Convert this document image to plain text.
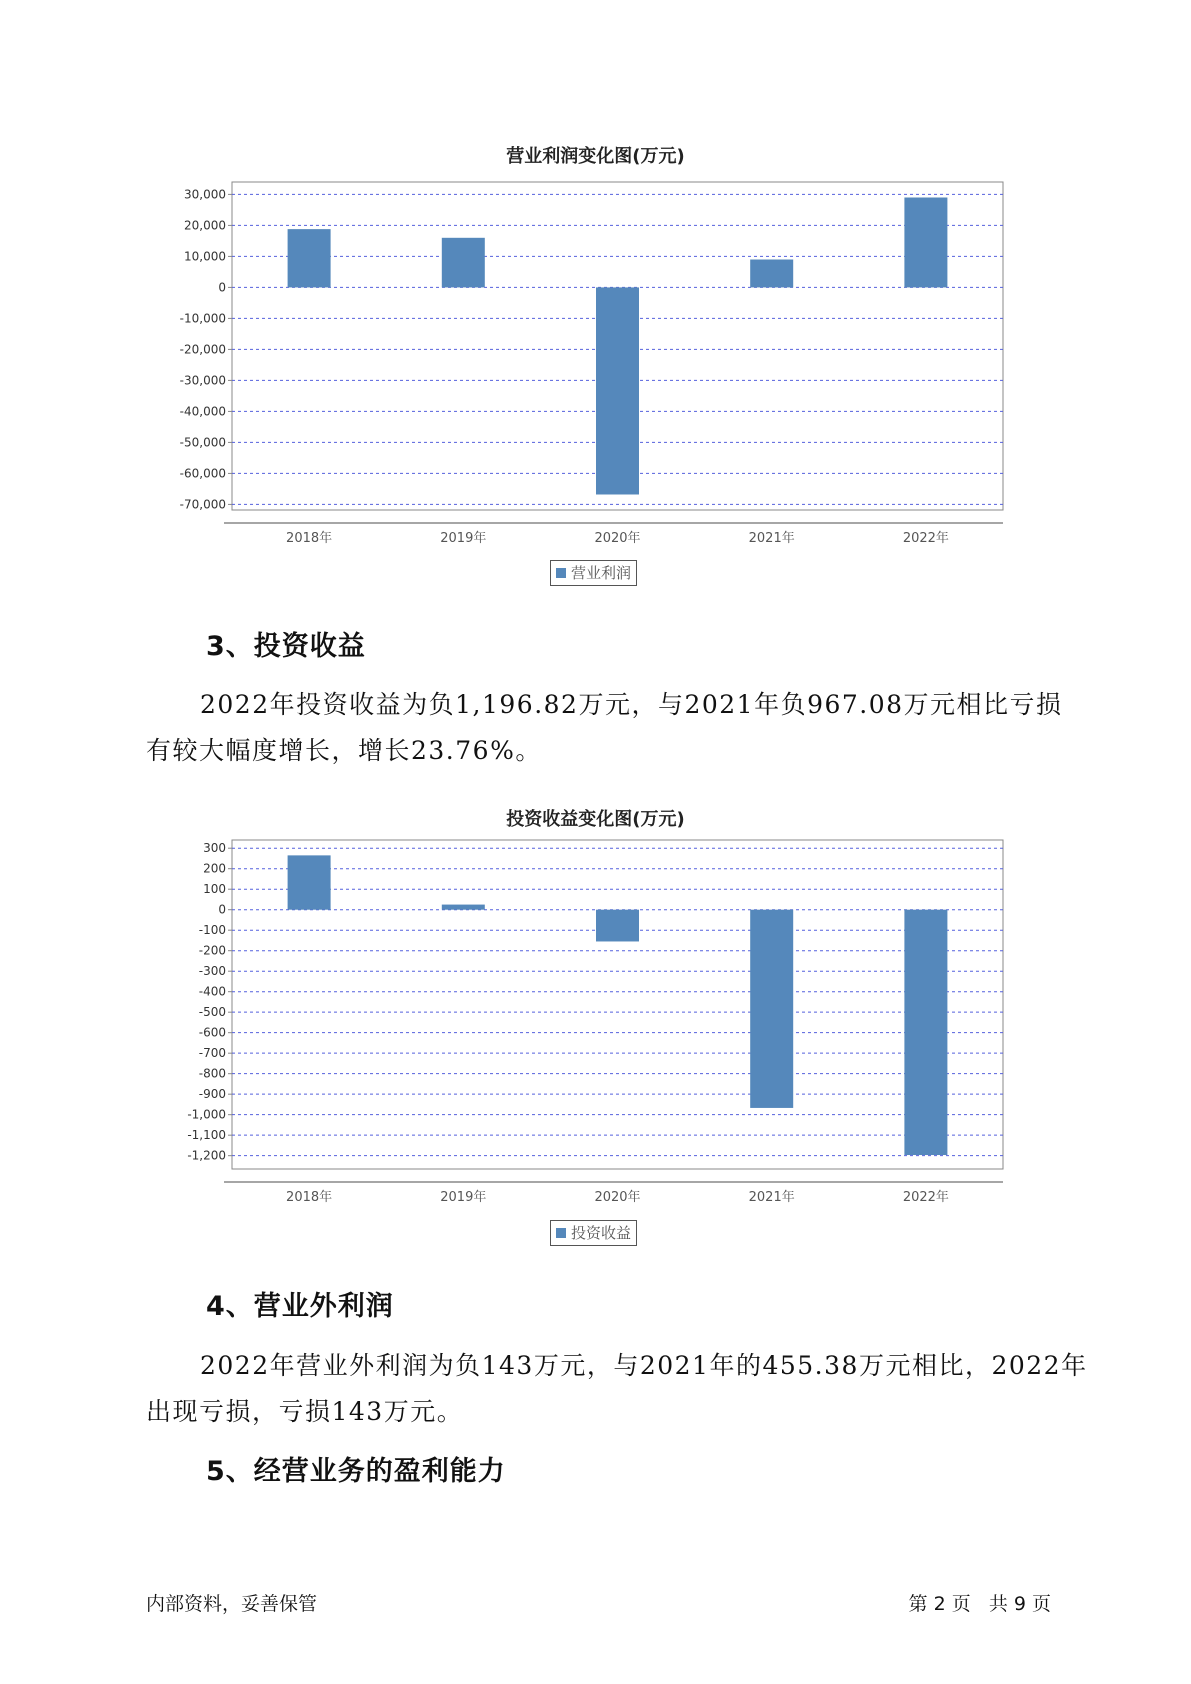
营业利润变化图(万元)
30,000
20,000
10,000
0
-10,000
-20,000
-30,000
-40,000
-50,000
-60,000
-70,000
2018年	2019年	2020年	2021年	2022年
营业利润
3、投资收益
2022年投资收益为负1,196.82万元，与2021年负967.08万元相比亏损
有较大幅度增长，增长23.76%。
投资收益变化图(万元)
300
200
100
0
-100
-200
-300
-400
-500
-600
-700
-800
-900
-1,000
-1,100
-1,200
2018年	2019年	2020年	2021年	2022年
投资收益
4、营业外利润
2022年营业外利润为负143万元，与2021年的455.38万元相比，2022年
出现亏损，亏损143万元。
5、经营业务的盈利能力
内部资料，妥善保管	第 2 页   共 9 页
